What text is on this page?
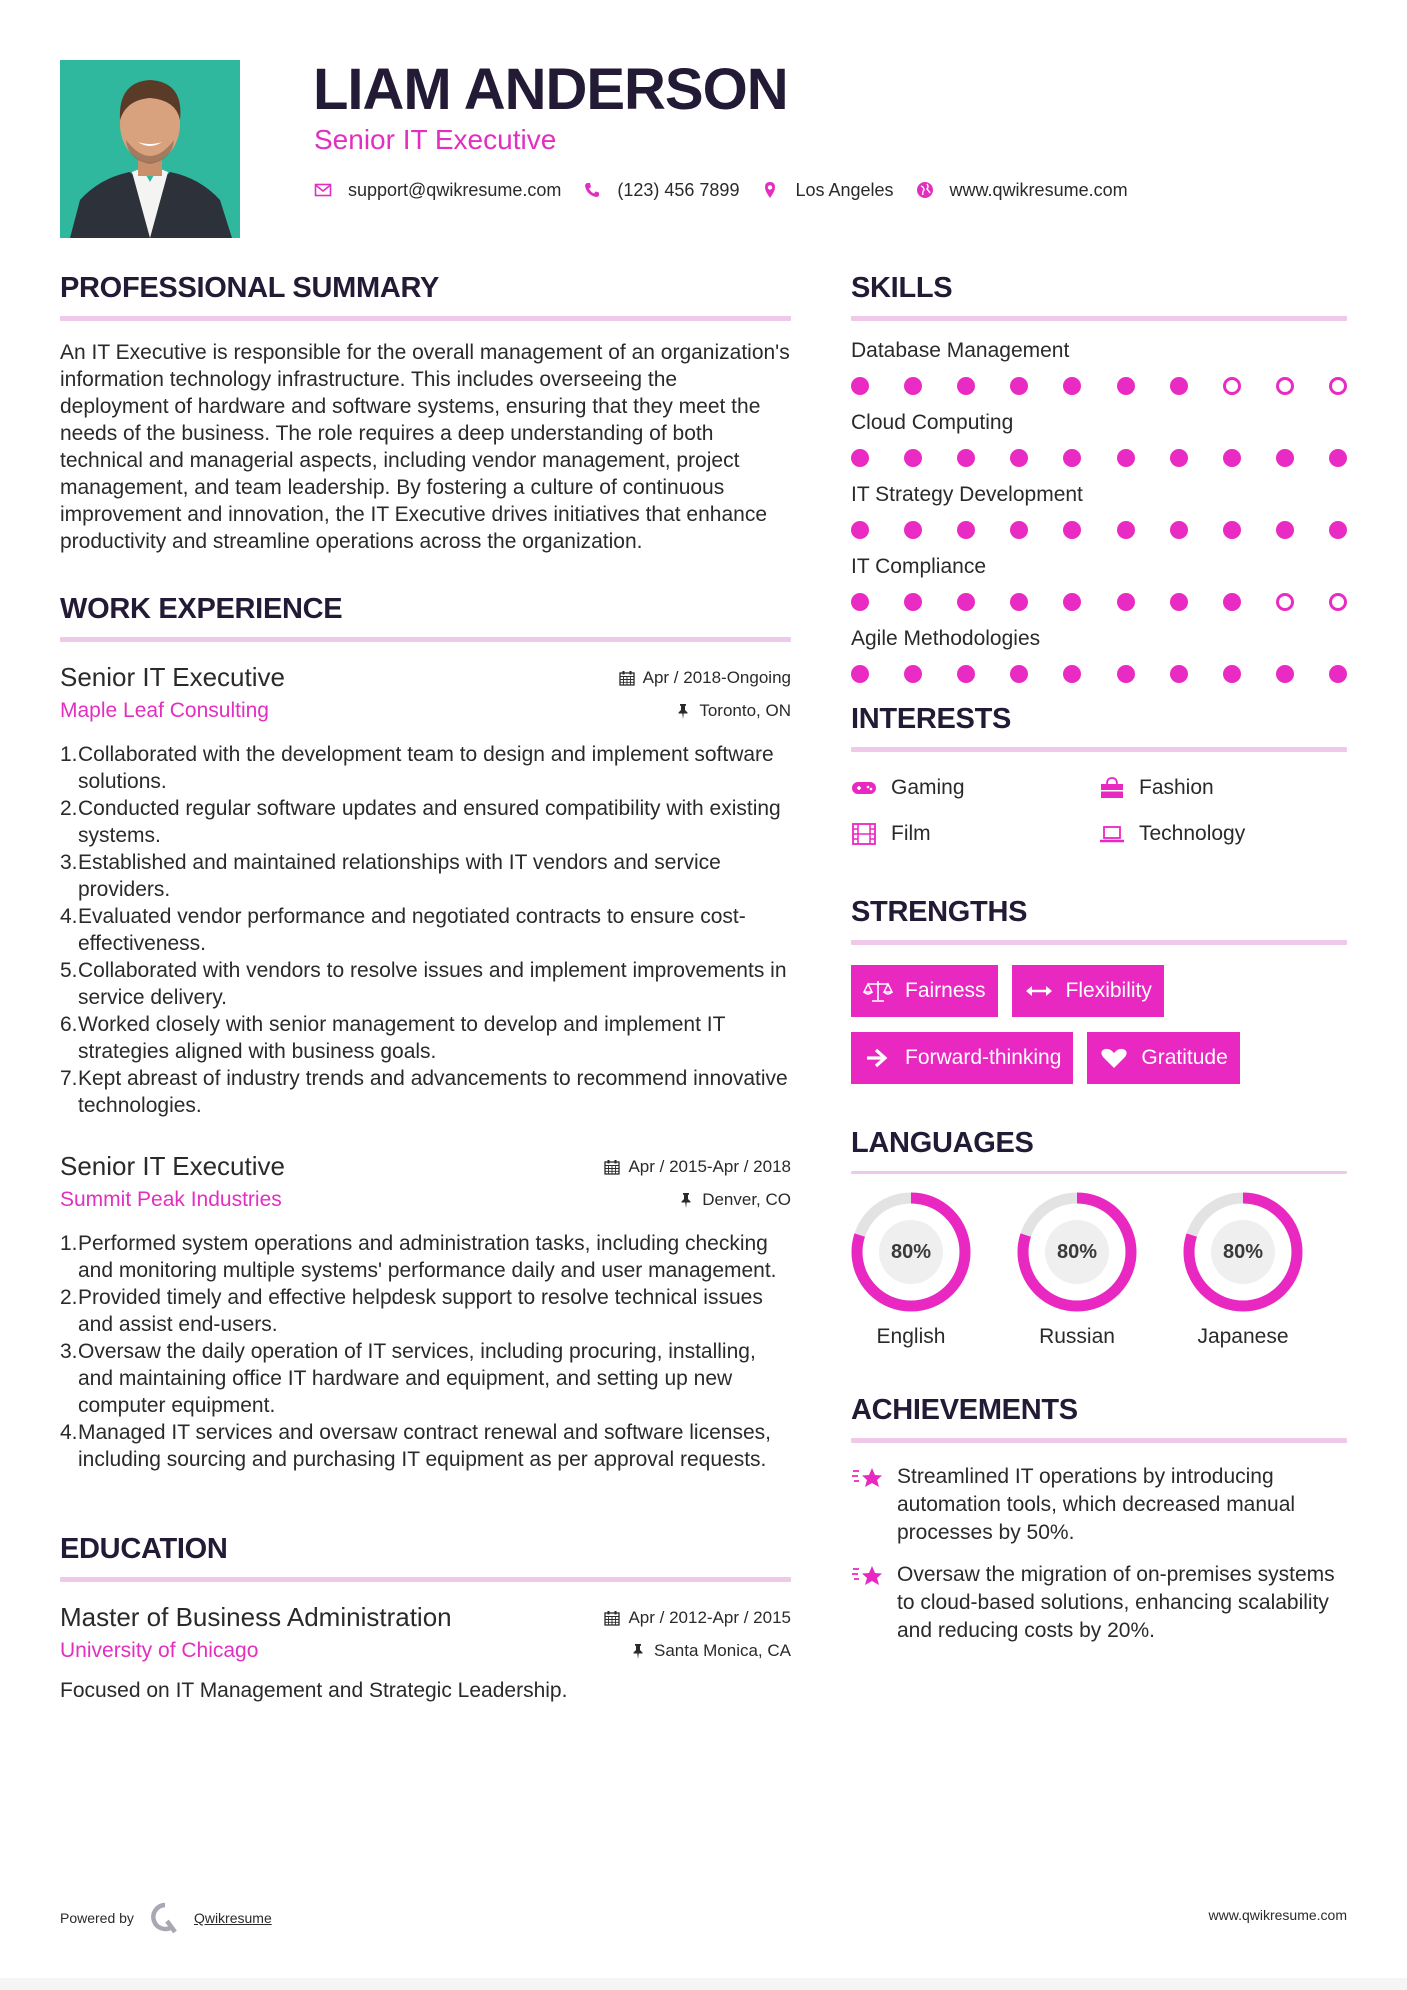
LIAM ANDERSON
Senior IT Executive
support@qwikresume.com	(123) 456 7899	Los Angeles	www.qwikresume.com
PROFESSIONAL SUMMARY

An IT Executive is responsible for the overall management of an organization's information technology infrastructure. This includes overseeing the deployment of hardware and software systems, ensuring that they meet the needs of the business. The role requires a deep understanding of both technical and managerial aspects, including vendor management, project management, and team leadership. By fostering a culture of continuous improvement and innovation, the IT Executive drives initiatives that enhance productivity and streamline operations across the organization.

WORK EXPERIENCE
Senior IT Executive	Apr / 2018-Ongoing
Maple Leaf Consulting	Toronto, ON
1. Collaborated with the development team to design and implement software solutions.
2. Conducted regular software updates and ensured compatibility with existing systems.
3. Established and maintained relationships with IT vendors and service providers.
4. Evaluated vendor performance and negotiated contracts to ensure cost-effectiveness.
5. Collaborated with vendors to resolve issues and implement improvements in service delivery.
6. Worked closely with senior management to develop and implement IT strategies aligned with business goals.
7. Kept abreast of industry trends and advancements to recommend innovative technologies.
Senior IT Executive	Apr / 2015-Apr / 2018
Summit Peak Industries	Denver, CO
1. Performed system operations and administration tasks, including checking and monitoring multiple systems' performance daily and user management.
2. Provided timely and effective helpdesk support to resolve technical issues and assist end-users.
3. Oversaw the daily operation of IT services, including procuring, installing, and maintaining office IT hardware and equipment, and setting up new computer equipment.
4. Managed IT services and oversaw contract renewal and software licenses, including sourcing and purchasing IT equipment as per approval requests.
EDUCATION
Master of Business Administration	Apr / 2012-Apr / 2015
University of Chicago	Santa Monica, CA

Focused on IT Management and Strategic Leadership.

SKILLS
Database Management
Cloud Computing
IT Strategy Development
IT Compliance
Agile Methodologies
INTERESTS
Gaming	Fashion
Film	Technology
STRENGTHS
Fairness	Flexibility
Forward-thinking	Gratitude
LANGUAGES
80%
English
80%
Russian
80%
Japanese
ACHIEVEMENTS
Streamlined IT operations by introducing automation tools, which decreased manual processes by 50%.
Oversaw the migration of on-premises systems to cloud-based solutions, enhancing scalability and reducing costs by 20%.
Powered by	Qwikresume	www.qwikresume.com
